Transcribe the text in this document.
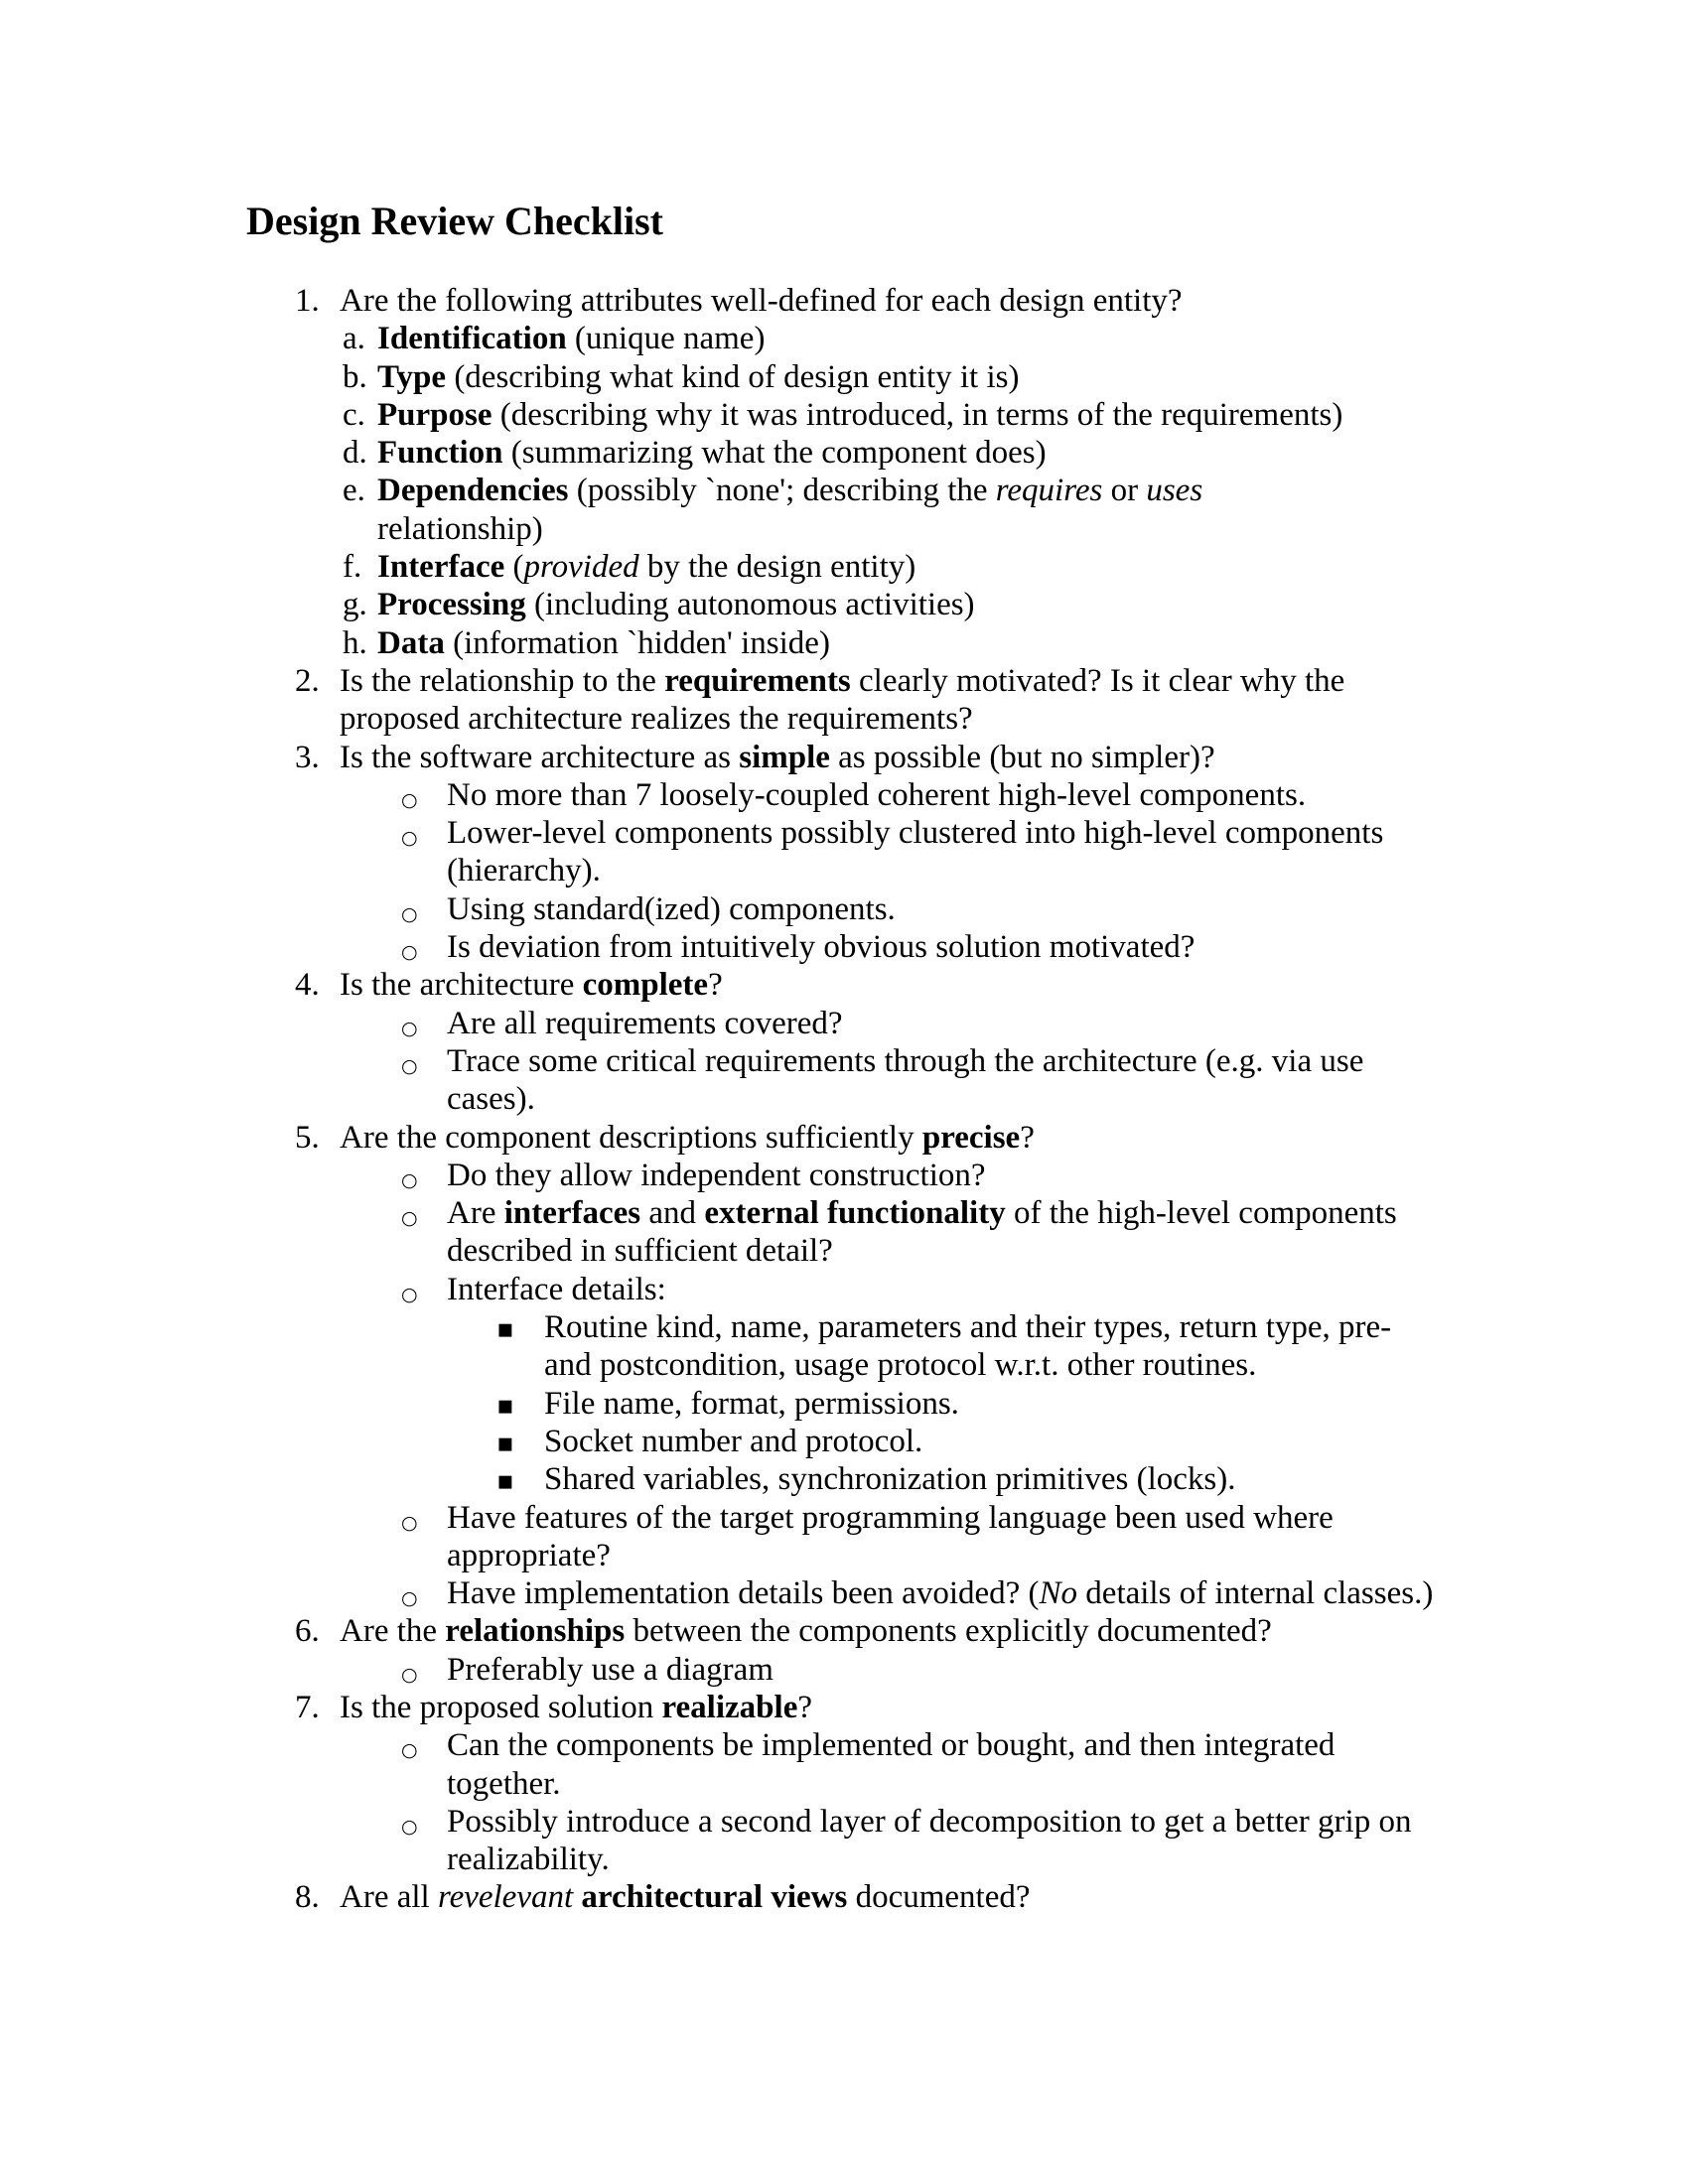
Design Review Checklist
1. Are the following attributes well-defined for each design entity?
a. Identification (unique name)
b. Type (describing what kind of design entity it is)
c. Purpose (describing why it was introduced, in terms of the requirements)
d. Function (summarizing what the component does)
e. Dependencies (possibly `none'; describing the requires or uses relationship)
f. Interface (provided by the design entity)
g. Processing (including autonomous activities)
h. Data (information `hidden' inside)
2. Is the relationship to the requirements clearly motivated? Is it clear why the proposed architecture realizes the requirements?
3. Is the software architecture as simple as possible (but no simpler)?
○ No more than 7 loosely-coupled coherent high-level components.
○ Lower-level components possibly clustered into high-level components (hierarchy).
○ Using standard(ized) components.
○ Is deviation from intuitively obvious solution motivated?
4. Is the architecture complete?
○ Are all requirements covered?
○ Trace some critical requirements through the architecture (e.g. via use cases).
5. Are the component descriptions sufficiently precise?
○ Do they allow independent construction?
○ Are interfaces and external functionality of the high-level components described in sufficient detail?
○ Interface details:
▪ Routine kind, name, parameters and their types, return type, pre- and postcondition, usage protocol w.r.t. other routines.
▪ File name, format, permissions.
▪ Socket number and protocol.
▪ Shared variables, synchronization primitives (locks).
○ Have features of the target programming language been used where appropriate?
○ Have implementation details been avoided? (No details of internal classes.)
6. Are the relationships between the components explicitly documented?
○ Preferably use a diagram
7. Is the proposed solution realizable?
○ Can the components be implemented or bought, and then integrated together.
○ Possibly introduce a second layer of decomposition to get a better grip on realizability.
8. Are all revelevant architectural views documented?
